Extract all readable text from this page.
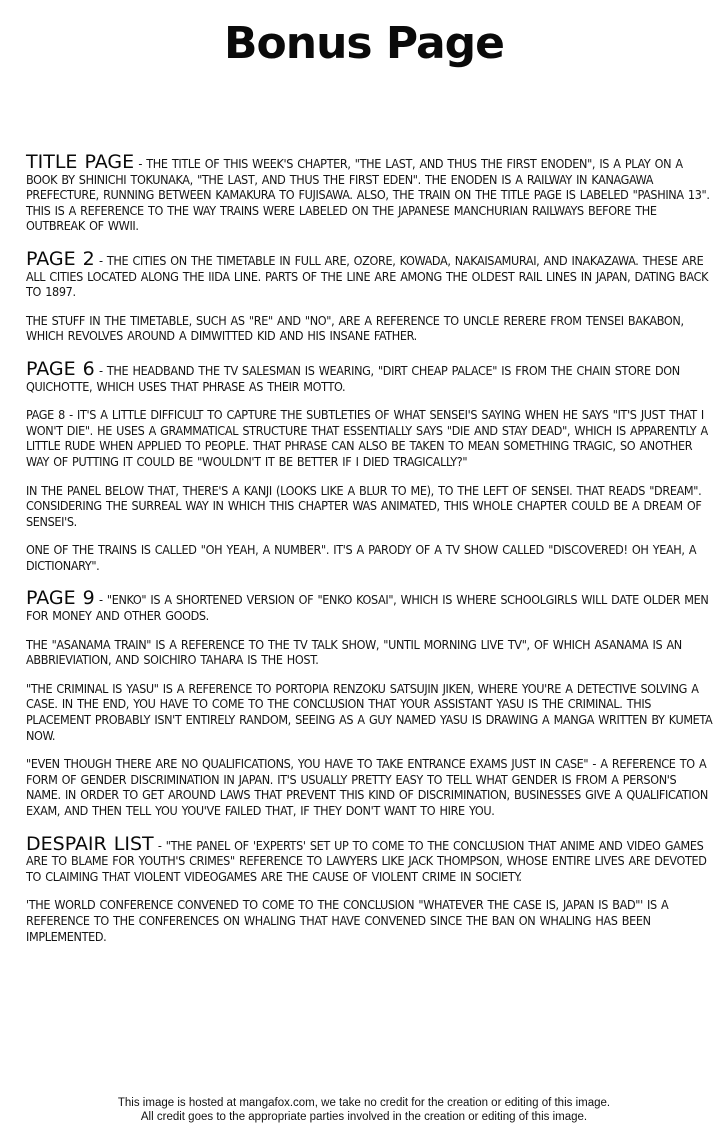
Bonus Page

TITLE PAGE - THE TITLE OF THIS WEEK'S CHAPTER, "THE LAST, AND THUS THE FIRST ENODEN", IS A PLAY ON A BOOK BY SHINICHI TOKUNAKA, "THE LAST, AND THUS THE FIRST EDEN". THE ENODEN IS A RAILWAY IN KANAGAWA PREFECTURE, RUNNING BETWEEN KAMAKURA TO FUJISAWA. ALSO, THE TRAIN ON THE TITLE PAGE IS LABELED "PASHINA 13". THIS IS A REFERENCE TO THE WAY TRAINS WERE LABELED ON THE JAPANESE MANCHURIAN RAILWAYS BEFORE THE OUTBREAK OF WWII.

PAGE 2 - THE CITIES ON THE TIMETABLE IN FULL ARE, OZORE, KOWADA, NAKAISAMURAI, AND INAKAZAWA. THESE ARE ALL CITIES LOCATED ALONG THE IIDA LINE. PARTS OF THE LINE ARE AMONG THE OLDEST RAIL LINES IN JAPAN, DATING BACK TO 1897.

THE STUFF IN THE TIMETABLE, SUCH AS "RE" AND "NO", ARE A REFERENCE TO UNCLE RERERE FROM TENSEI BAKABON, WHICH REVOLVES AROUND A DIMWITTED KID AND HIS INSANE FATHER.

PAGE 6 - THE HEADBAND THE TV SALESMAN IS WEARING, "DIRT CHEAP PALACE" IS FROM THE CHAIN STORE DON QUICHOTTE, WHICH USES THAT PHRASE AS THEIR MOTTO.

PAGE 8 - IT'S A LITTLE DIFFICULT TO CAPTURE THE SUBTLETIES OF WHAT SENSEI'S SAYING WHEN HE SAYS "IT'S JUST THAT I WON'T DIE". HE USES A GRAMMATICAL STRUCTURE THAT ESSENTIALLY SAYS "DIE AND STAY DEAD", WHICH IS APPARENTLY A LITTLE RUDE WHEN APPLIED TO PEOPLE. THAT PHRASE CAN ALSO BE TAKEN TO MEAN SOMETHING TRAGIC, SO ANOTHER WAY OF PUTTING IT COULD BE "WOULDN'T IT BE BETTER IF I DIED TRAGICALLY?"

IN THE PANEL BELOW THAT, THERE'S A KANJI (LOOKS LIKE A BLUR TO ME), TO THE LEFT OF SENSEI. THAT READS "DREAM". CONSIDERING THE SURREAL WAY IN WHICH THIS CHAPTER WAS ANIMATED, THIS WHOLE CHAPTER COULD BE A DREAM OF SENSEI'S.

ONE OF THE TRAINS IS CALLED "OH YEAH, A NUMBER". IT'S A PARODY OF A TV SHOW CALLED "DISCOVERED! OH YEAH, A DICTIONARY".

PAGE 9 - "ENKO" IS A SHORTENED VERSION OF "ENKO KOSAI", WHICH IS WHERE SCHOOLGIRLS WILL DATE OLDER MEN FOR MONEY AND OTHER GOODS.

THE "ASANAMA TRAIN" IS A REFERENCE TO THE TV TALK SHOW, "UNTIL MORNING LIVE TV", OF WHICH ASANAMA IS AN ABBRIEVIATION, AND SOICHIRO TAHARA IS THE HOST.

"THE CRIMINAL IS YASU" IS A REFERENCE TO PORTOPIA RENZOKU SATSUJIN JIKEN, WHERE YOU'RE A DETECTIVE SOLVING A CASE. IN THE END, YOU HAVE TO COME TO THE CONCLUSION THAT YOUR ASSISTANT YASU IS THE CRIMINAL. THIS PLACEMENT PROBABLY ISN'T ENTIRELY RANDOM, SEEING AS A GUY NAMED YASU IS DRAWING A MANGA WRITTEN BY KUMETA NOW.

"EVEN THOUGH THERE ARE NO QUALIFICATIONS, YOU HAVE TO TAKE ENTRANCE EXAMS JUST IN CASE" - A REFERENCE TO A FORM OF GENDER DISCRIMINATION IN JAPAN. IT'S USUALLY PRETTY EASY TO TELL WHAT GENDER IS FROM A PERSON'S NAME. IN ORDER TO GET AROUND LAWS THAT PREVENT THIS KIND OF DISCRIMINATION, BUSINESSES GIVE A QUALIFICATION EXAM, AND THEN TELL YOU YOU'VE FAILED THAT, IF THEY DON'T WANT TO HIRE YOU.

DESPAIR LIST - "THE PANEL OF 'EXPERTS' SET UP TO COME TO THE CONCLUSION THAT ANIME AND VIDEO GAMES ARE TO BLAME FOR YOUTH'S CRIMES" REFERENCE TO LAWYERS LIKE JACK THOMPSON, WHOSE ENTIRE LIVES ARE DEVOTED TO CLAIMING THAT VIOLENT VIDEOGAMES ARE THE CAUSE OF VIOLENT CRIME IN SOCIETY.

'THE WORLD CONFERENCE CONVENED TO COME TO THE CONCLUSION "WHATEVER THE CASE IS, JAPAN IS BAD"' IS A REFERENCE TO THE CONFERENCES ON WHALING THAT HAVE CONVENED SINCE THE BAN ON WHALING HAS BEEN IMPLEMENTED.

This image is hosted at mangafox.com, we take no credit for the creation or editing of this image.
All credit goes to the appropriate parties involved in the creation or editing of this image.
